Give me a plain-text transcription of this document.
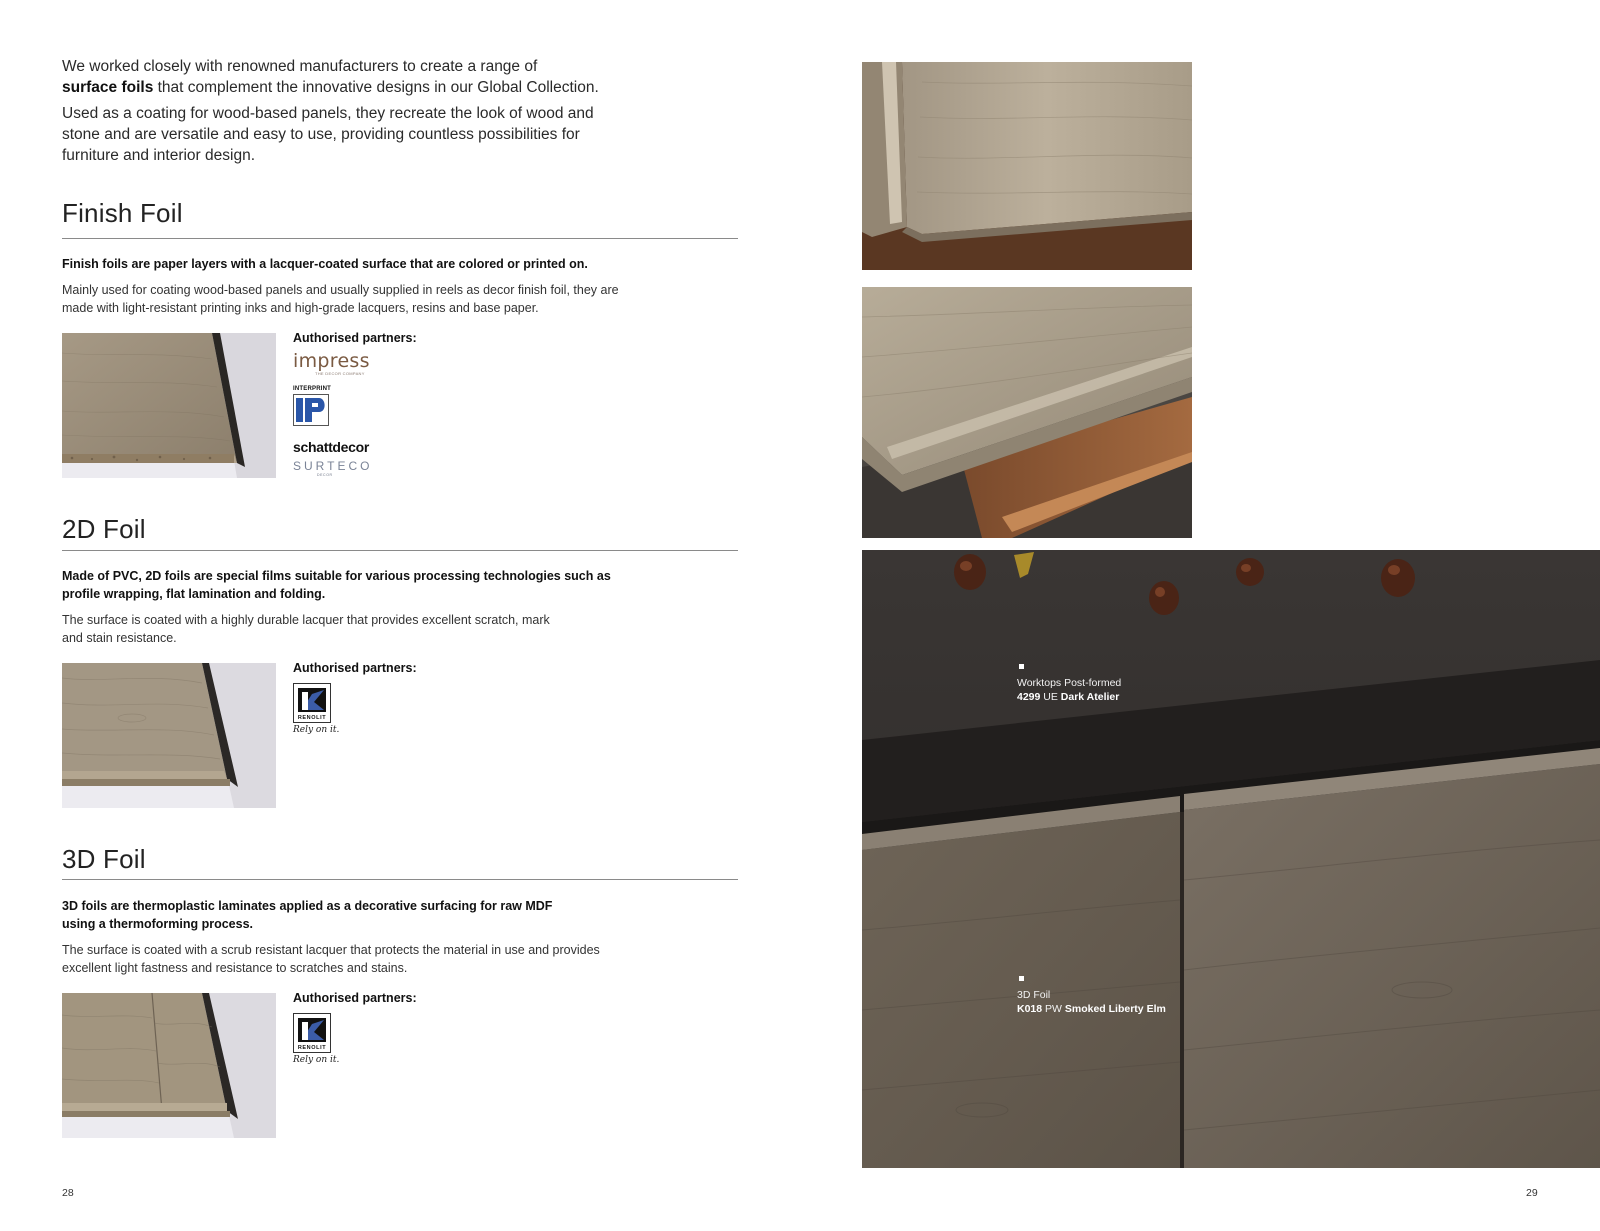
We worked closely with renowned manufacturers to create a range of
surface foils that complement the innovative designs in our Global Collection.

Used as a coating for wood-based panels, they recreate the look of wood and stone and are versatile and easy to use, providing countless possibilities for furniture and interior design.

Finish Foil

Finish foils are paper layers with a lacquer-coated surface that are colored or printed on.

Mainly used for coating wood-based panels and usually supplied in reels as decor finish foil, they are made with light-resistant printing inks and high-grade lacquers, resins and base paper.

Authorised partners:
impress
THE DECOR COMPANY
INTERPRINT
schattdecor
SURTECO
DECOR
2D Foil

Made of PVC, 2D foils are special films suitable for various processing technologies such as profile wrapping, flat lamination and folding.

The surface is coated with a highly durable lacquer that provides excellent scratch, mark and stain resistance.

Authorised partners:
RENOLIT
Rely on it.
3D Foil

3D foils are thermoplastic laminates applied as a decorative surfacing for raw MDF using a thermoforming process.

The surface is coated with a scrub resistant lacquer that protects the material in use and provides excellent light fastness and resistance to scratches and stains.

Authorised partners:
RENOLIT
Rely on it.
28
Worktops Post-formed
4299 UE Dark Atelier
3D Foil
K018 PW Smoked Liberty Elm
29
